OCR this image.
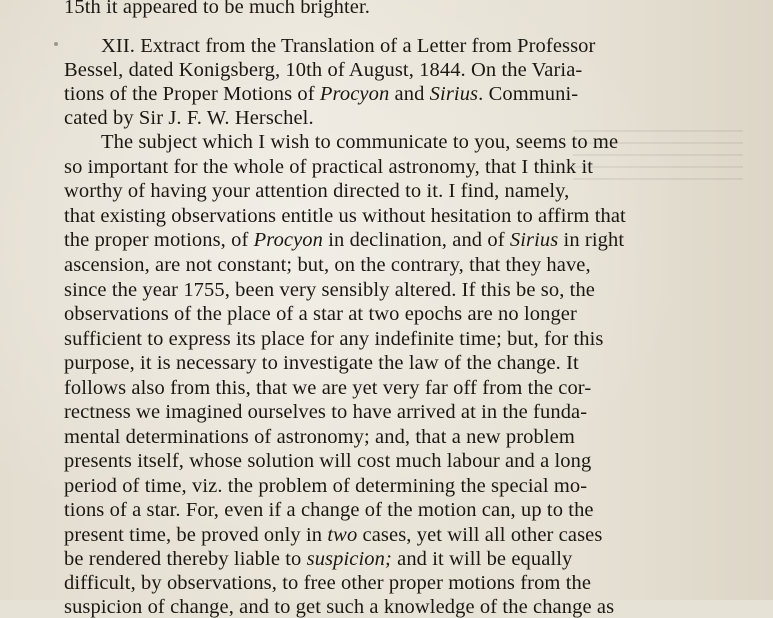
15th it appeared to be much brighter.
XII. Extract from the Translation of a Letter from Professor
Bessel, dated Konigsberg, 10th of August, 1844. On the Varia-
tions of the Proper Motions of Procyon and Sirius. Communi-
cated by Sir J. F. W. Herschel.
The subject which I wish to communicate to you, seems to me
so important for the whole of practical astronomy, that I think it
worthy of having your attention directed to it. I find, namely,
that existing observations entitle us without hesitation to affirm that
the proper motions, of Procyon in declination, and of Sirius in right
ascension, are not constant; but, on the contrary, that they have,
since the year 1755, been very sensibly altered. If this be so, the
observations of the place of a star at two epochs are no longer
sufficient to express its place for any indefinite time; but, for this
purpose, it is necessary to investigate the law of the change. It
follows also from this, that we are yet very far off from the cor-
rectness we imagined ourselves to have arrived at in the funda-
mental determinations of astronomy; and, that a new problem
presents itself, whose solution will cost much labour and a long
period of time, viz. the problem of determining the special mo-
tions of a star. For, even if a change of the motion can, up to the
present time, be proved only in two cases, yet will all other cases
be rendered thereby liable to suspicion; and it will be equally
difficult, by observations, to free other proper motions from the
suspicion of change, and to get such a knowledge of the change as
